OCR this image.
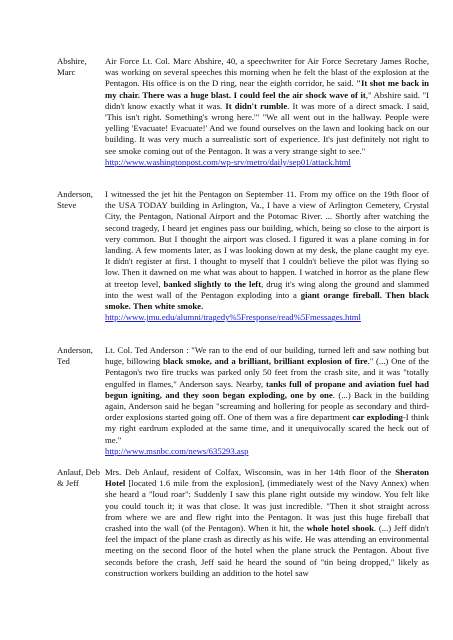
Abshire, Marc
Air Force Lt. Col. Marc Abshire, 40, a speechwriter for Air Force Secretary James Roche, was working on several speeches this morning when he felt the blast of the explosion at the Pentagon. His office is on the D ring, near the eighth corridor, he said. "It shot me back in my chair. There was a huge blast. I could feel the air shock wave of it," Abshire said. "I didn't know exactly what it was. It didn't rumble. It was more of a direct smack. I said, 'This isn't right. Something's wrong here.'" "We all went out in the hallway. People were yelling 'Evacuate! Evacuate!' And we found ourselves on the lawn and looking back on our building. It was very much a surrealistic sort of experience. It's just definitely not right to see smoke coming out of the Pentagon. It was a very strange sight to see."
http://www.washingtonpost.com/wp-srv/metro/daily/sep01/attack.html
Anderson, Steve
I witnessed the jet hit the Pentagon on September 11. From my office on the 19th floor of the USA TODAY building in Arlington, Va., I have a view of Arlington Cemetery, Crystal City, the Pentagon, National Airport and the Potomac River. ... Shortly after watching the second tragedy, I heard jet engines pass our building, which, being so close to the airport is very common. But I thought the airport was closed. I figured it was a plane coming in for landing. A few moments later, as I was looking down at my desk, the plane caught my eye. It didn't register at first. I thought to myself that I couldn't believe the pilot was flying so low. Then it dawned on me what was about to happen. I watched in horror as the plane flew at treetop level, banked slightly to the left, drug it's wing along the ground and slammed into the west wall of the Pentagon exploding into a giant orange fireball. Then black smoke. Then white smoke.
http://www.jmu.edu/alumni/tragedy%5Fresponse/read%5Fmessages.html
Anderson, Ted
Lt. Col. Ted Anderson : "We ran to the end of our building, turned left and saw nothing but huge, billowing black smoke, and a brilliant, brilliant explosion of fire." (...) One of the Pentagon's two fire trucks was parked only 50 feet from the crash site, and it was "totally engulfed in flames," Anderson says. Nearby, tanks full of propane and aviation fuel had begun igniting, and they soon began exploding, one by one. (...) Back in the building again, Anderson said he began "screaming and hollering for people as secondary and third-order explosions started going off. One of them was a fire department car exploding-I think my right eardrum exploded at the same time, and it unequivocally scared the heck out of me."
http://www.msnbc.com/news/635293.asp
Anlauf, Deb & Jeff
Mrs. Deb Anlauf, resident of Colfax, Wisconsin, was in her 14th floor of the Sheraton Hotel [located 1.6 mile from the explosion], (immediately west of the Navy Annex) when she heard a "loud roar": Suddenly I saw this plane right outside my window. You felt like you could touch it; it was that close. It was just incredible. "Then it shot straight across from where we are and flew right into the Pentagon. It was just this huge fireball that crashed into the wall (of the Pentagon). When it hit, the whole hotel shook. (...) Jeff didn't feel the impact of the plane crash as directly as his wife. He was attending an environmental meeting on the second floor of the hotel when the plane struck the Pentagon. About five seconds before the crash, Jeff said he heard the sound of "tin being dropped," likely as construction workers building an addition to the hotel saw
